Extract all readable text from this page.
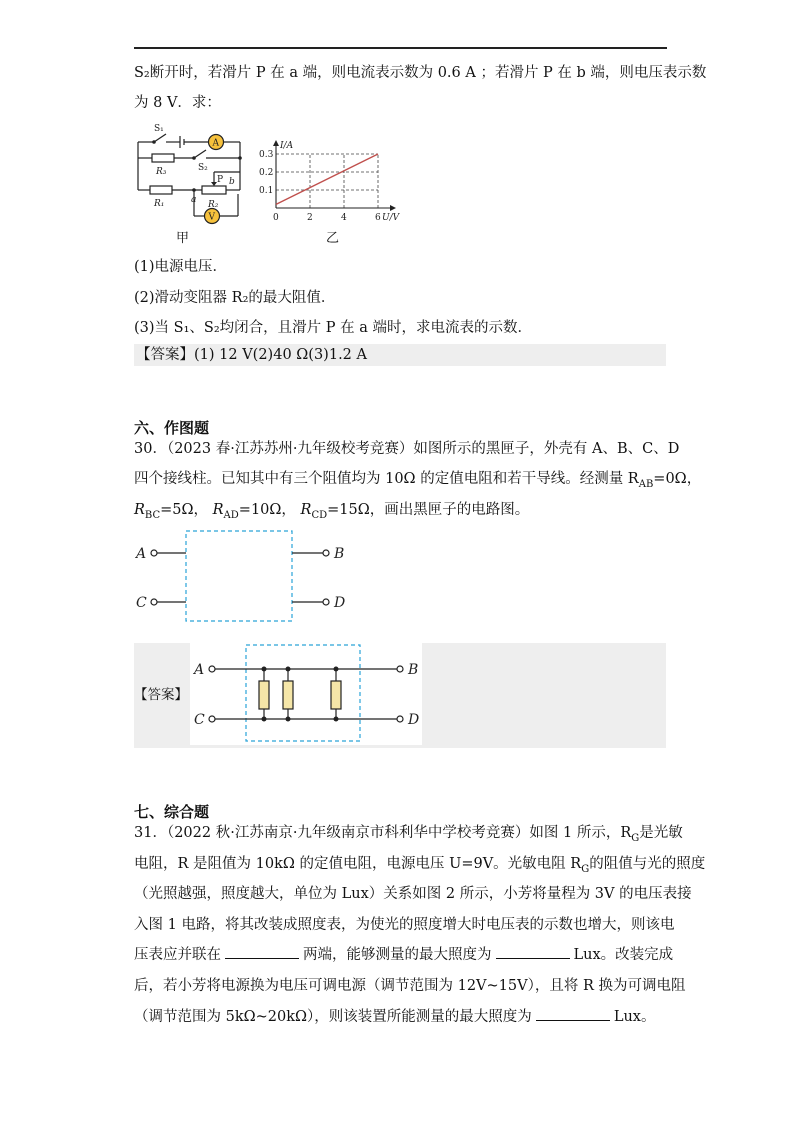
S₂断开时，若滑片 P 在 a 端，则电流表示数为 0.6 A ；若滑片 P 在 b 端，则电压表示数
为 8 V．求：
S₁
A
R₃	S₂
R₁
P b
a R₂
V
甲
0	2	4	6
0.1
0.2
0.3
U/V
I/A
乙
(1)电源电压．
(2)滑动变阻器 R₂的最大阻值．
(3)当 S₁、S₂均闭合，且滑片 P 在 a 端时，求电流表的示数．
【答案】(1) 12 V(2)40 Ω(3)1.2 A
六、作图题
30．（2023 春·江苏苏州·九年级校考竞赛）如图所示的黑匣子，外壳有 A、B、C、D
四个接线柱。已知其中有三个阻值均为 10Ω 的定值电阻和若干导线。经测量 $R_{AB}=0\Omega$，
$R_{BC}=5\Omega$， $R_{AD}=10\Omega$， $R_{CD}=15\Omega$，画出黑匣子的电路图。
A	B
C	D
【答案】
A	B
C	D
七、综合题
31．（2022 秋·江苏南京·九年级南京市科利华中学校考竞赛）如图 1 所示，$R_G$是光敏
电阻，R 是阻值为 10kΩ 的定值电阻，电源电压 U=9V。光敏电阻 $R_G$的阻值与光的照度
（光照越强，照度越大，单位为 Lux）关系如图 2 所示，小芳将量程为 3V 的电压表接
入图 1 电路，将其改装成照度表，为使光的照度增大时电压表的示数也增大，则该电
压表应并联在	两端，能够测量的最大照度为	Lux。改装完成
后，若小芳将电源换为电压可调电源（调节范围为 12V~15V），且将 R 换为可调电阻
（调节范围为 5kΩ~20kΩ），则该装置所能测量的最大照度为	Lux。
